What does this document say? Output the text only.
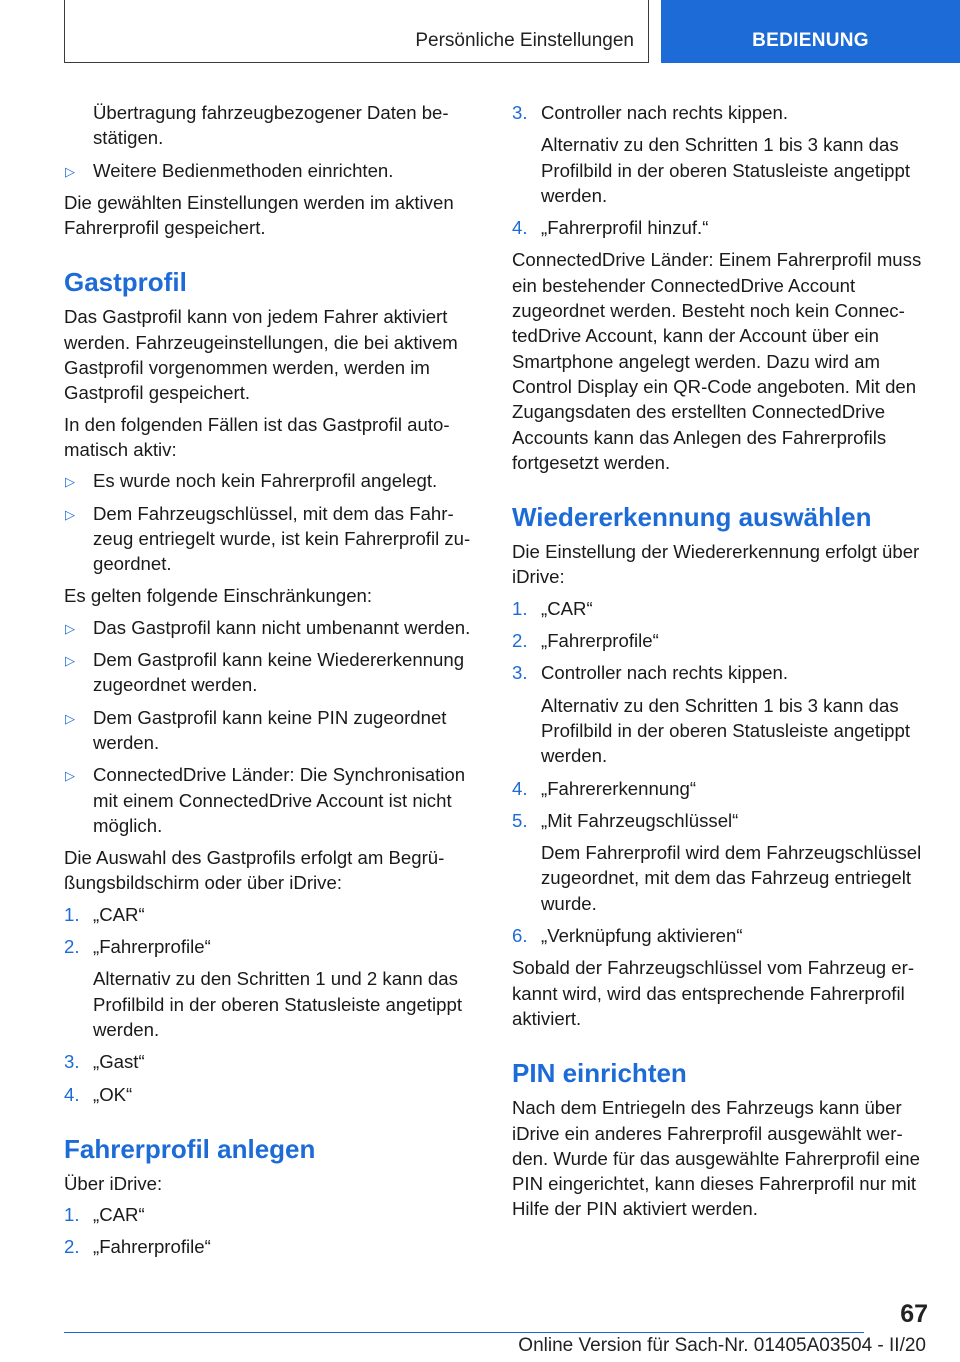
Persönliche Einstellungen	BEDIENUNG
Übertragung fahrzeugbezogener Daten bestätigen.
▷ Weitere Bedienmethoden einrichten.

Die gewählten Einstellungen werden im aktiven Fahrerprofil gespeichert.

Gastprofil

Das Gastprofil kann von jedem Fahrer aktiviert werden. Fahrzeugeinstellungen, die bei aktivem Gastprofil vorgenommen werden, werden im Gastprofil gespeichert.

In den folgenden Fällen ist das Gastprofil automatisch aktiv:

▷ Es wurde noch kein Fahrerprofil angelegt.
▷ Dem Fahrzeugschlüssel, mit dem das Fahrzeug entriegelt wurde, ist kein Fahrerprofil zugeordnet.

Es gelten folgende Einschränkungen:

▷ Das Gastprofil kann nicht umbenannt werden.
▷ Dem Gastprofil kann keine Wiedererkennung zugeordnet werden.
▷ Dem Gastprofil kann keine PIN zugeordnet werden.
▷ ConnectedDrive Länder: Die Synchronisation mit einem ConnectedDrive Account ist nicht möglich.

Die Auswahl des Gastprofils erfolgt am Begrüßungsbildschirm oder über iDrive:

1. „CAR“
2. „Fahrerprofile“
Alternativ zu den Schritten 1 und 2 kann das Profilbild in der oberen Statusleiste angetippt werden.
3. „Gast“
4. „OK“
Fahrerprofil anlegen

Über iDrive:

1. „CAR“
2. „Fahrerprofile“
3. Controller nach rechts kippen.
Alternativ zu den Schritten 1 bis 3 kann das Profilbild in der oberen Statusleiste angetippt werden.
4. „Fahrerprofil hinzuf.“

ConnectedDrive Länder: Einem Fahrerprofil muss ein bestehender ConnectedDrive Account zugeordnet werden. Besteht noch kein ConnectedDrive Account, kann der Account über ein Smartphone angelegt werden. Dazu wird am Control Display ein QR-Code angeboten. Mit den Zugangsdaten des erstellten ConnectedDrive Accounts kann das Anlegen des Fahrerprofils fortgesetzt werden.

Wiedererkennung auswählen

Die Einstellung der Wiedererkennung erfolgt über iDrive:

1. „CAR“
2. „Fahrerprofile“
3. Controller nach rechts kippen.
Alternativ zu den Schritten 1 bis 3 kann das Profilbild in der oberen Statusleiste angetippt werden.
4. „Fahrererkennung“
5. „Mit Fahrzeugschlüssel“
Dem Fahrerprofil wird dem Fahrzeugschlüssel zugeordnet, mit dem das Fahrzeug entriegelt wurde.
6. „Verknüpfung aktivieren“

Sobald der Fahrzeugschlüssel vom Fahrzeug erkannt wird, wird das entsprechende Fahrerprofil aktiviert.

PIN einrichten

Nach dem Entriegeln des Fahrzeugs kann über iDrive ein anderes Fahrerprofil ausgewählt werden. Wurde für das ausgewählte Fahrerprofil eine PIN eingerichtet, kann dieses Fahrerprofil nur mit Hilfe der PIN aktiviert werden.

67
Online Version für Sach-Nr. 01405A03504 - II/20
